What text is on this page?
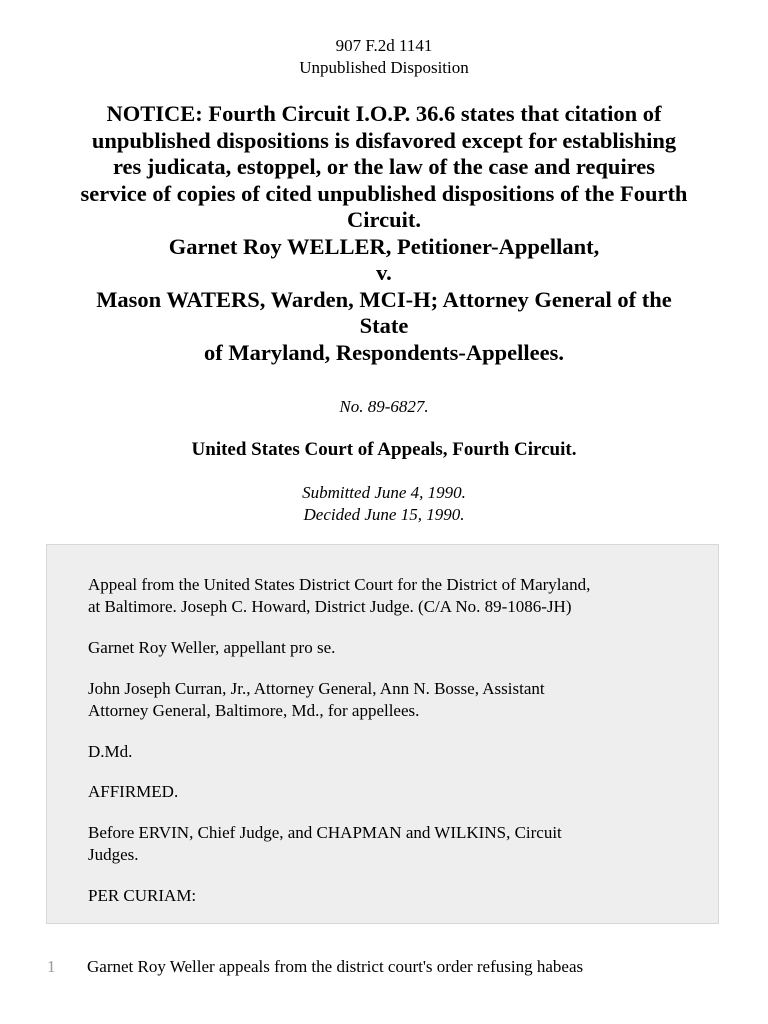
907 F.2d 1141
Unpublished Disposition
NOTICE: Fourth Circuit I.O.P. 36.6 states that citation of
unpublished dispositions is disfavored except for establishing
res judicata, estoppel, or the law of the case and requires
service of copies of cited unpublished dispositions of the Fourth
Circuit.
Garnet Roy WELLER, Petitioner-Appellant,
v.
Mason WATERS, Warden, MCI-H; Attorney General of the
State
of Maryland, Respondents-Appellees.
No. 89-6827.
United States Court of Appeals, Fourth Circuit.
Submitted June 4, 1990.
Decided June 15, 1990.
Appeal from the United States District Court for the District of Maryland,
at Baltimore. Joseph C. Howard, District Judge. (C/A No. 89-1086-JH)
Garnet Roy Weller, appellant pro se.
John Joseph Curran, Jr., Attorney General, Ann N. Bosse, Assistant
Attorney General, Baltimore, Md., for appellees.
D.Md.
AFFIRMED.
Before ERVIN, Chief Judge, and CHAPMAN and WILKINS, Circuit
Judges.
PER CURIAM:
1 Garnet Roy Weller appeals from the district court's order refusing habeas
